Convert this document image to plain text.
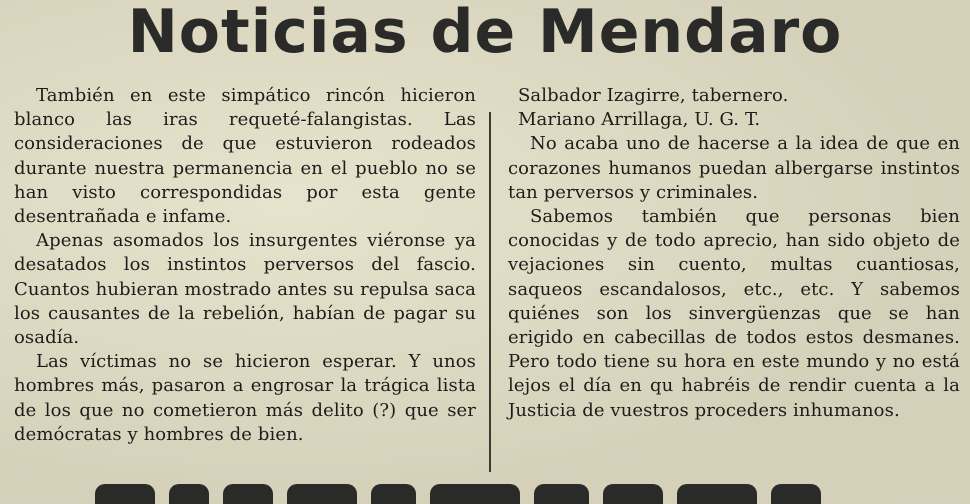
Noticias de Mendaro

También en este simpático rincón hicieron blanco las iras requeté-falangistas. Las consideraciones de que estuvieron rodeados durante nuestra permanencia en el pueblo no se han visto correspondidas por esta gente desentrañada e infame.

Apenas asomados los insurgentes viéronse ya desatados los instintos perversos del fascio. Cuantos hubieran mostrado antes su repulsa saca los causantes de la rebelión, habían de pagar su osadía.

Las víctimas no se hicieron esperar. Y unos hombres más, pasaron a engrosar la trágica lista de los que no cometieron más delito (?) que ser demócratas y hombres de bien.

Salbador Izagirre, tabernero.

Mariano Arrillaga, U. G. T.

No acaba uno de hacerse a la idea de que en corazones humanos puedan albergarse instintos tan perversos y criminales.

Sabemos también que personas bien conocidas y de todo aprecio, han sido objeto de vejaciones sin cuento, multas cuantiosas, saqueos escandalosos, etc., etc. Y sabemos quiénes son los sinvergüenzas que se han erigido en cabecillas de todos estos desmanes. Pero todo tiene su hora en este mundo y no está lejos el día en qu habréis de rendir cuenta a la Justicia de vuestros proceders inhumanos.
